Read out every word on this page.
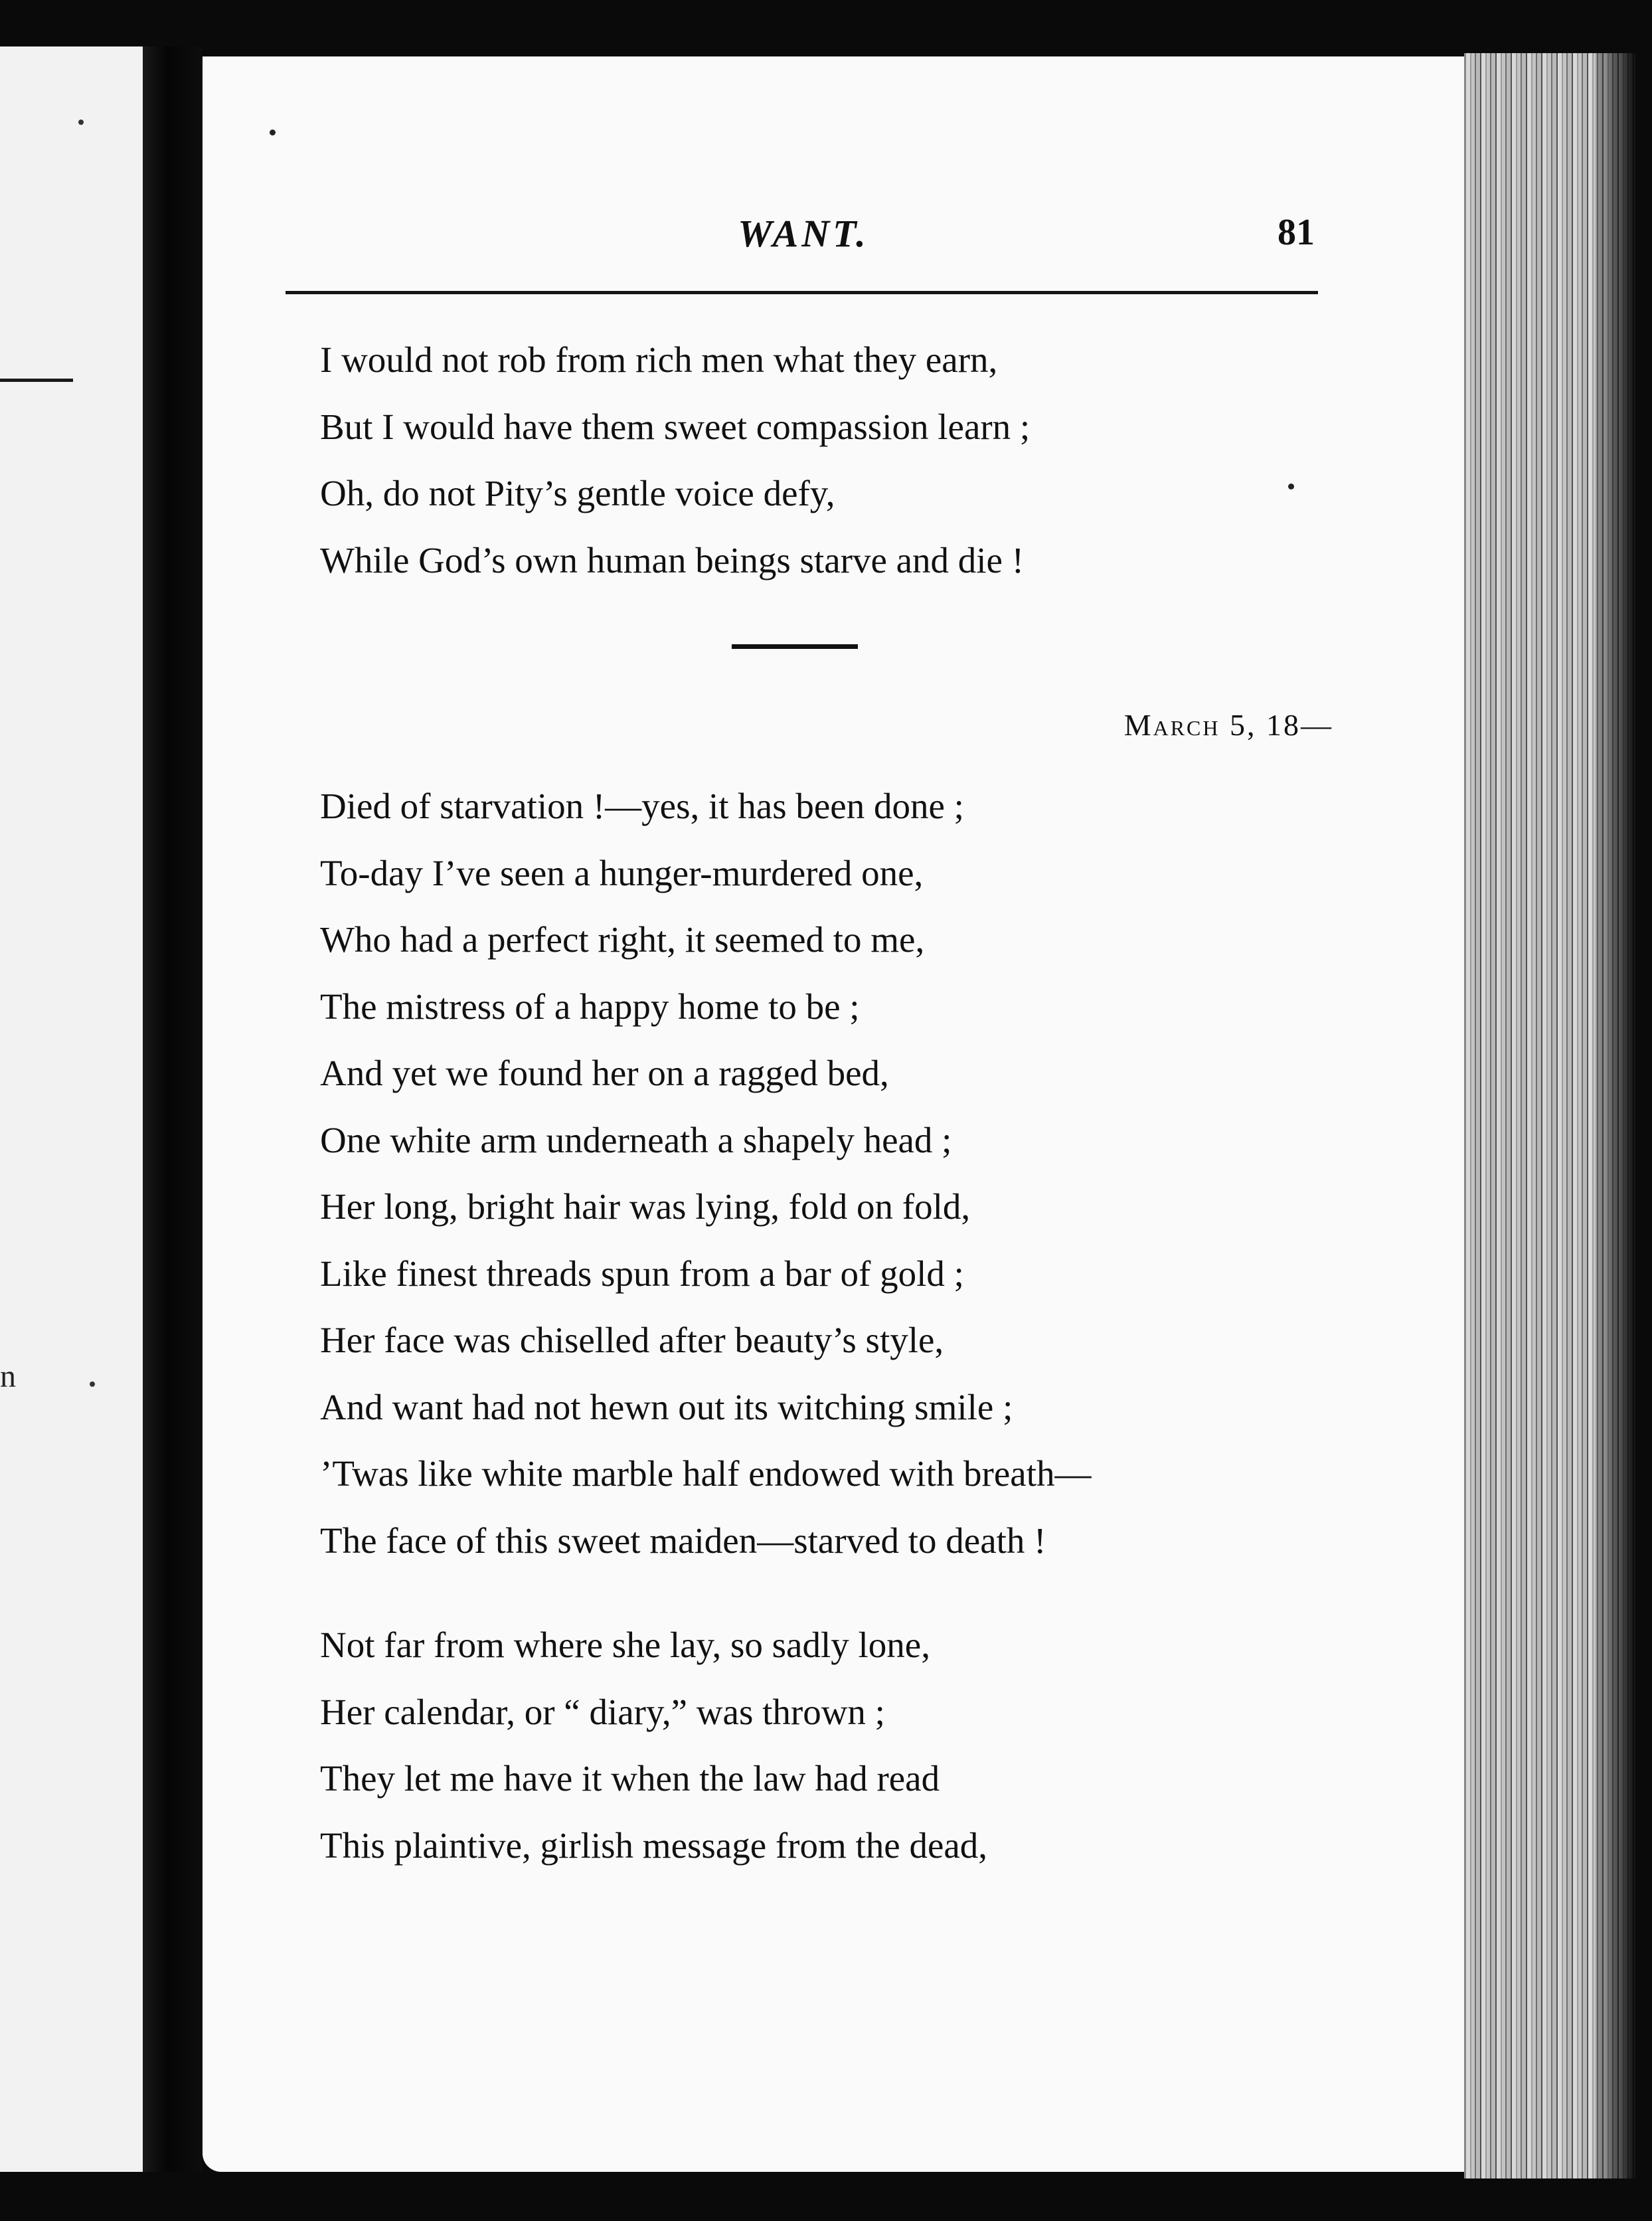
n
WANT.	81
I would not rob from rich men what they earn,
But I would have them sweet compassion learn ;
Oh, do not Pity’s gentle voice defy,
While God’s own human beings starve and die !
March 5, 18—
Died of starvation !—yes, it has been done ;
To-day I’ve seen a hunger-murdered one,
Who had a perfect right, it seemed to me,
The mistress of a happy home to be ;
And yet we found her on a ragged bed,
One white arm underneath a shapely head ;
Her long, bright hair was lying, fold on fold,
Like finest threads spun from a bar of gold ;
Her face was chiselled after beauty’s style,
And want had not hewn out its witching smile ;
’Twas like white marble half endowed with breath—
The face of this sweet maiden—starved to death !
Not far from where she lay, so sadly lone,
Her calendar, or “ diary,” was thrown ;
They let me have it when the law had read
This plaintive, girlish message from the dead,
